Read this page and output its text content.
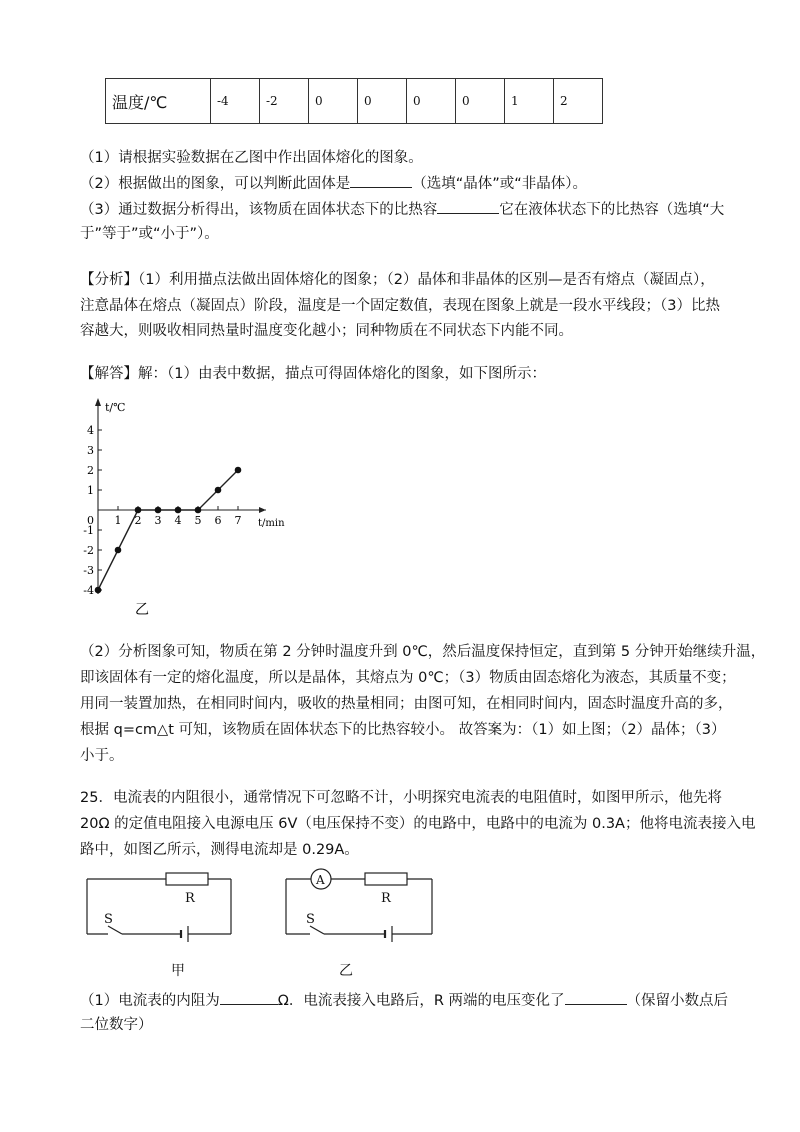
温度/℃	-4	-2	0	0	0	0	1	2
（1）请根据实验数据在乙图中作出固体熔化的图象。
（2）根据做出的图象，可以判断此固体是	（选填“晶体”或“非晶体）。
（3）通过数据分析得出，该物质在固体状态下的比热容	它在液体状态下的比热容（选填“大
于”等于”或“小于”）。
【分析】（1）利用描点法做出固体熔化的图象；（2）晶体和非晶体的区别—是否有熔点（凝固点），
注意晶体在熔点（凝固点）阶段，温度是一个固定数值，表现在图象上就是一段水平线段；（3）比热
容越大，则吸收相同热量时温度变化越小；同种物质在不同状态下内能不同。
【解答】解：（1）由表中数据，描点可得固体熔化的图象，如下图所示：
4
3
2
1
-1
-2
-3
-4
0 1 2 3 4 5 6 7
t/℃
t/min
乙
（2）分析图象可知，物质在第 2 分钟时温度升到 0℃，然后温度保持恒定，直到第 5 分钟开始继续升温，
即该固体有一定的熔化温度，所以是晶体，其熔点为 0℃；（3）物质由固态熔化为液态，其质量不变；
用同一装置加热，在相同时间内，吸收的热量相同；由图可知，在相同时间内，固态时温度升高的多，
根据 q=cm△t 可知，该物质在固体状态下的比热容较小。 故答案为：（1）如上图；（2）晶体；（3）
小于。
25．电流表的内阻很小，通常情况下可忽略不计，小明探究电流表的电阻值时，如图甲所示，他先将
20Ω 的定值电阻接入电源电压 6V（电压保持不变）的电路中，电路中的电流为 0.3A；他将电流表接入电
路中，如图乙所示，测得电流却是 0.29A。
R
S
甲
A
R
S
乙
（1）电流表的内阻为	Ω．电流表接入电路后，R 两端的电压变化了	（保留小数点后
二位数字）
